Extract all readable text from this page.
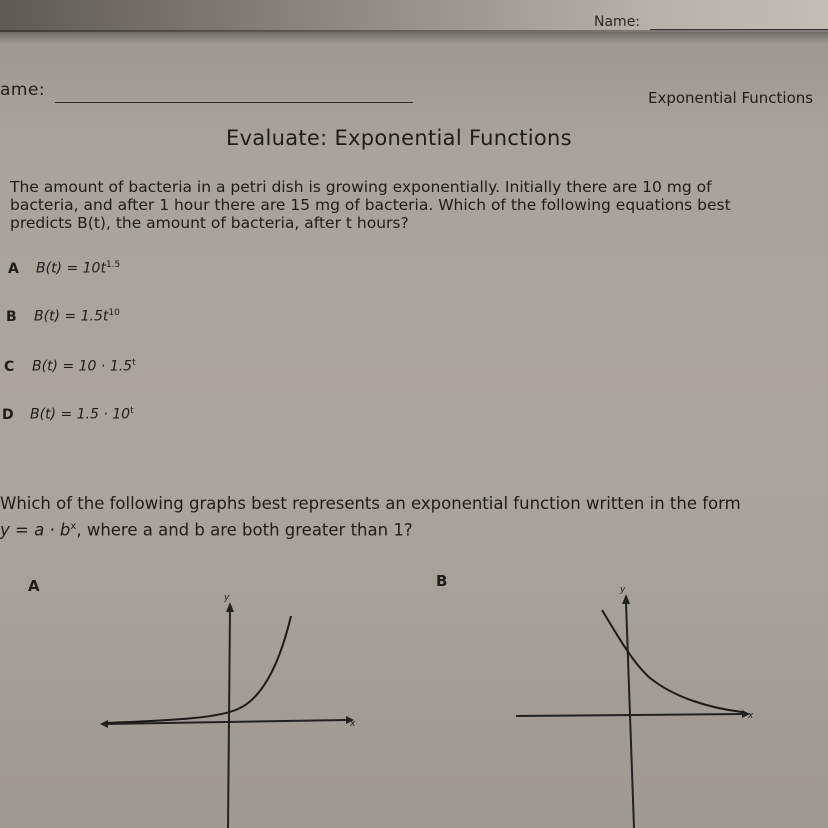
Name:
ame:	Exponential Functions
Evaluate: Exponential Functions
The amount of bacteria in a petri dish is growing exponentially. Initially there are 10 mg of
bacteria, and after 1 hour there are 15 mg of bacteria. Which of the following equations best
predicts B(t), the amount of bacteria, after t hours?
A $B(t) = 10t^{1.5}$
B $B(t) = 1.5t^{10}$
C $B(t) = 10 \cdot 1.5^t$
D $B(t) = 1.5 \cdot 10^t$
Which of the following graphs best represents an exponential function written in the form
$y = a \cdot b^x$, where a and b are both greater than 1?
A	B
y
x
y
x
